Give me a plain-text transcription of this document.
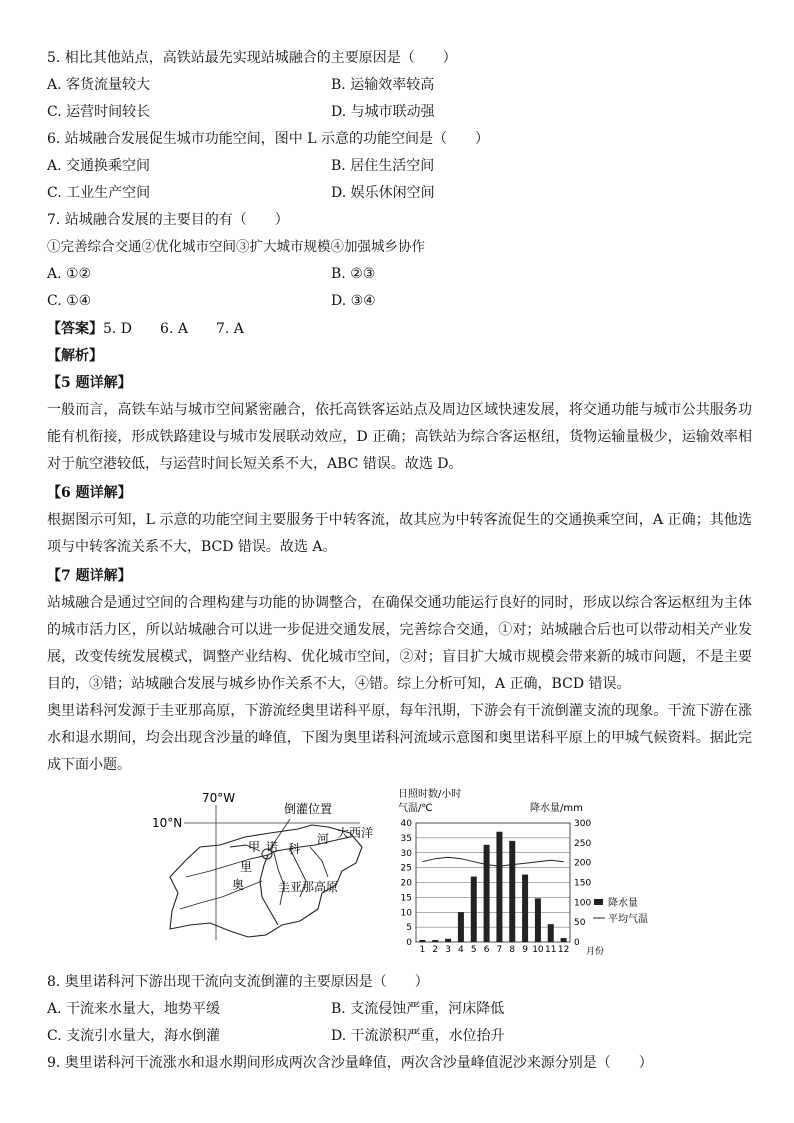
5. 相比其他站点，高铁站最先实现站城融合的主要原因是（　　）
A. 客货流量较大	B. 运输效率较高
C. 运营时间较长	D. 与城市联动强
6. 站城融合发展促生城市功能空间，图中 L 示意的功能空间是（　　）
A. 交通换乘空间	B. 居住生活空间
C. 工业生产空间	D. 娱乐休闲空间
7. 站城融合发展的主要目的有（　　）
①完善综合交通②优化城市空间③扩大城市规模④加强城乡协作
A. ①②	B. ②③
C. ①④	D. ③④
【答案】5. D　　6. A　　7. A
【解析】
【5 题详解】
一般而言，高铁车站与城市空间紧密融合，依托高铁客运站点及周边区域快速发展，将交通功能与城市公共服务功能有机衔接，形成铁路建设与城市发展联动效应，D 正确；高铁站为综合客运枢纽，货物运输量极少，运输效率相对于航空港较低，与运营时间长短关系不大，ABC 错误。故选 D。
【6 题详解】
根据图示可知，L 示意的功能空间主要服务于中转客流，故其应为中转客流促生的交通换乘空间，A 正确；其他选项与中转客流关系不大，BCD 错误。故选 A。
【7 题详解】
站城融合是通过空间的合理构建与功能的协调整合，在确保交通功能运行良好的同时，形成以综合客运枢纽为主体的城市活力区，所以站城融合可以进一步促进交通发展，完善综合交通，①对；站城融合后也可以带动相关产业发展，改变传统发展模式，调整产业结构、优化城市空间，②对；盲目扩大城市规模会带来新的城市问题，不是主要目的，③错；站城融合发展与城乡协作关系不大，④错。综上分析可知，A 正确，BCD 错误。
奥里诺科河发源于圭亚那高原，下游流经奥里诺科平原，每年汛期，下游会有干流倒灌支流的现象。干流下游在涨水和退水期间，均会出现含沙量的峰值，下图为奥里诺科河流域示意图和奥里诺科平原上的甲城气候资料。据此完成下面小题。
70°W
10°N
倒灌位置
大西洋
甲
奥
里
诺 科
河
圭亚那高原
日照时数/小时
气温/℃	降水量/mm
0
5
10
15
20
25
30
35
40
0
50
100
150
200
250
300
1 2 3 4 5 6 7 8 9 10 11 12 月份
降水量
平均气温
8. 奥里诺科河下游出现干流向支流倒灌的主要原因是（　　）
A. 干流来水量大，地势平缓	B. 支流侵蚀严重，河床降低
C. 支流引水量大，海水倒灌	D. 干流淤积严重，水位抬升
9. 奥里诺科河干流涨水和退水期间形成两次含沙量峰值，两次含沙量峰值泥沙来源分别是（　　）
